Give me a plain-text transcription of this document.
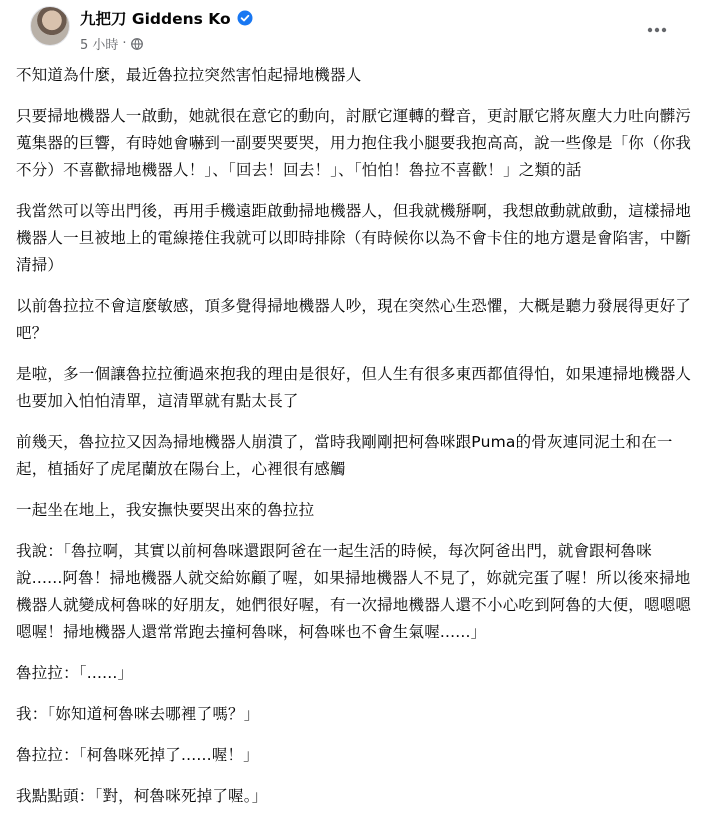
九把刀 Giddens Ko
5 小時 ·

不知道為什麼，最近魯拉拉突然害怕起掃地機器人

只要掃地機器人一啟動，她就很在意它的動向，討厭它運轉的聲音，更討厭它將灰塵大力吐向髒污蒐集器的巨響，有時她會嚇到一副要哭要哭，用力抱住我小腿要我抱高高，說一些像是「你（你我不分）不喜歡掃地機器人！」、「回去！回去！」、「怕怕！魯拉不喜歡！」之類的話

我當然可以等出門後，再用手機遠距啟動掃地機器人，但我就機掰啊，我想啟動就啟動，這樣掃地機器人一旦被地上的電線捲住我就可以即時排除（有時候你以為不會卡住的地方還是會陷害，中斷清掃）

以前魯拉拉不會這麼敏感，頂多覺得掃地機器人吵，現在突然心生恐懼，大概是聽力發展得更好了吧？

是啦，多一個讓魯拉拉衝過來抱我的理由是很好，但人生有很多東西都值得怕，如果連掃地機器人也要加入怕怕清單，這清單就有點太長了

前幾天，魯拉拉又因為掃地機器人崩潰了，當時我剛剛把柯魯咪跟Puma的骨灰連同泥土和在一起，植插好了虎尾蘭放在陽台上，心裡很有感觸

一起坐在地上，我安撫快要哭出來的魯拉拉

我說：「魯拉啊，其實以前柯魯咪還跟阿爸在一起生活的時候，每次阿爸出門，就會跟柯魯咪說......阿魯！掃地機器人就交給妳顧了喔，如果掃地機器人不見了，妳就完蛋了喔！所以後來掃地機器人就變成柯魯咪的好朋友，她們很好喔，有一次掃地機器人還不小心吃到阿魯的大便，嗯嗯嗯嗯喔！掃地機器人還常常跑去撞柯魯咪，柯魯咪也不會生氣喔......」

魯拉拉：「......」

我：「妳知道柯魯咪去哪裡了嗎？」

魯拉拉：「柯魯咪死掉了......喔！」

我點點頭：「對，柯魯咪死掉了喔。」
